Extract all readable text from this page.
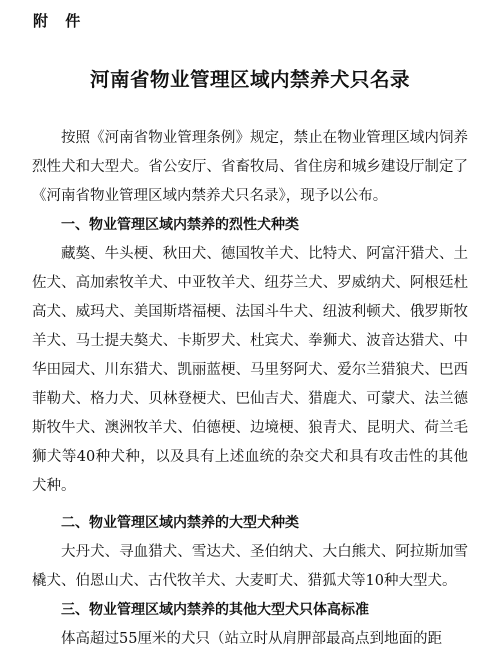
附 件
河南省物业管理区域内禁养犬只名录
按照《河南省物业管理条例》规定，禁止在物业管理区域内饲养烈性犬和大型犬。省公安厅、省畜牧局、省住房和城乡建设厅制定了《河南省物业管理区域内禁养犬只名录》，现予以公布。
一、物业管理区域内禁养的烈性犬种类
藏獒、牛头梗、秋田犬、德国牧羊犬、比特犬、阿富汗猎犬、土佐犬、高加索牧羊犬、中亚牧羊犬、纽芬兰犬、罗威纳犬、阿根廷杜高犬、威玛犬、美国斯塔福梗、法国斗牛犬、纽波利顿犬、俄罗斯牧羊犬、马士提夫獒犬、卡斯罗犬、杜宾犬、拳狮犬、波音达猎犬、中华田园犬、川东猎犬、凯丽蓝梗、马里努阿犬、爱尔兰猎狼犬、巴西菲勒犬、格力犬、贝林登梗犬、巴仙吉犬、猎鹿犬、可蒙犬、法兰德斯牧牛犬、澳洲牧羊犬、伯德梗、边境梗、狼青犬、昆明犬、荷兰毛狮犬等40种犬种，以及具有上述血统的杂交犬和具有攻击性的其他犬种。
二、物业管理区域内禁养的大型犬种类
大丹犬、寻血猎犬、雪达犬、圣伯纳犬、大白熊犬、阿拉斯加雪橇犬、伯恩山犬、古代牧羊犬、大麦町犬、猎狐犬等10种大型犬。
三、物业管理区域内禁养的其他大型犬只体高标准
体高超过55厘米的犬只（站立时从肩胛部最高点到地面的距
